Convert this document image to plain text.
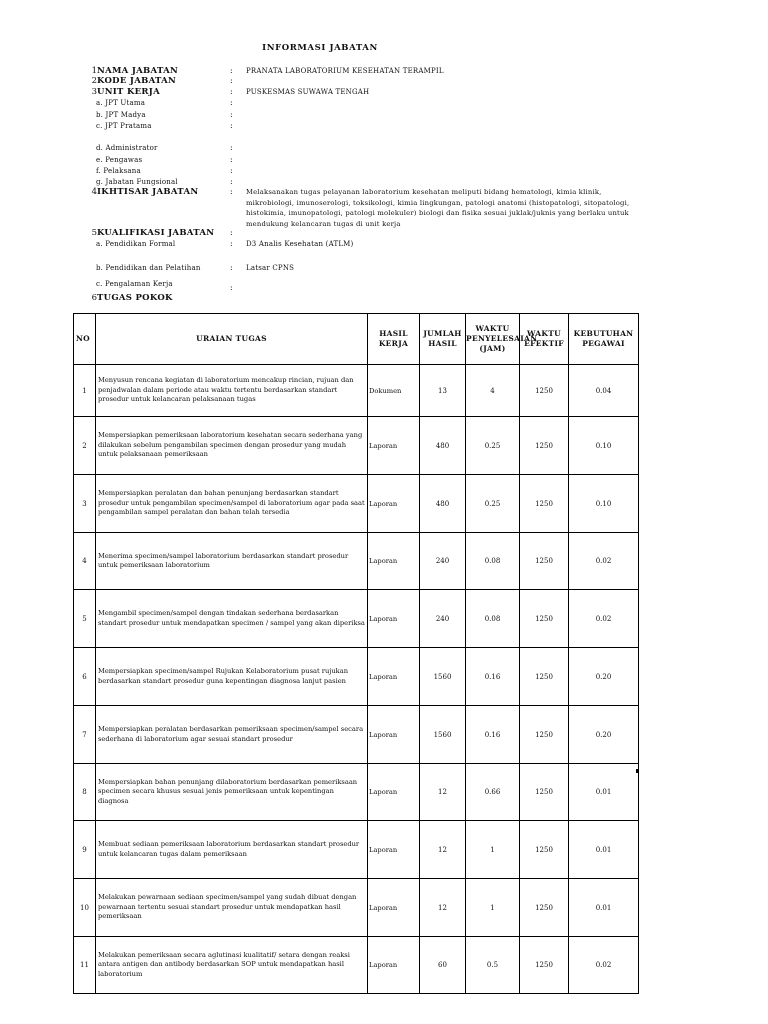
INFORMASI JABATAN
1 NAMA JABATAN	: PRANATA LABORATORIUM KESEHATAN TERAMPIL
2 KODE JABATAN	:
3 UNIT KERJA	: PUSKESMAS SUWAWA TENGAH
a. JPT Utama	:
b. JPT Madya	:
c. JPT Pratama	:
d. Administrator	:
e. Pengawas	:
f. Pelaksana	:
g. Jabatan Fungsional	:
4 IKHTISAR JABATAN	: Melaksanakan tugas pelayanan laboratorium kesehatan meliputi bidang hematologi, kimia klinik, mikrobiologi, imunoserologi, toksikologi, kimia lingkungan, patologi anatomi (histopatologi, sitopatologi, histokimia, imunopatologi, patologi molekuler) biologi dan fisika sesuai juklak/juknis yang berlaku untuk mendukung kelancaran tugas di unit kerja
5 KUALIFIKASI JABATAN :
a. Pendidikan Formal	: D3 Analis Kesehatan (ATLM)
b. Pendidikan dan Pelatihan	: Latsar CPNS
c. Pengalaman Kerja	:
6 TUGAS POKOK
NO	URAIAN TUGAS	HASIL KERJA	JUMLAH HASIL	WAKTU PENYELESAIAN (JAM)	WAKTU EFEKTIF	KEBUTUHAN PEGAWAI
1	Menyusun rencana kegiatan di laboratorium mencakup rincian, rujuan dan penjadwalan dalam periode atau waktu tertentu berdasarkan standart prosedur untuk kelancaran pelaksanaan tugas	Dokumen	13	4	1250	0.04
2	Mempersiapkan pemeriksaan laboratorium kesehatan secara sederhana yang dilakukan sebelum pengambilan specimen dengan prosedur yang mudah untuk pelaksanaan pemeriksaan	Laporan	480	0.25	1250	0.10
3	Mempersiapkan peralatan dan bahan penunjang berdasarkan standart prosedur untuk pengambilan specimen/sampel di laboratorium agar pada saat pengambilan sampel peralatan dan bahan telah tersedia	Laporan	480	0.25	1250	0.10
4	Menerima specimen/sampel laboratorium berdasarkan standart prosedur untuk pemeriksaan laboratorium	Laporan	240	0.08	1250	0.02
5	Mengambil specimen/sampel dengan tindakan sederhana berdasarkan standart prosedur untuk mendapatkan specimen / sampel yang akan diperiksa	Laporan	240	0.08	1250	0.02
6	Mempersiapkan specimen/sampel Rujukan Kelaboratorium pusat rujukan berdasarkan standart prosedur guna kepentingan diagnosa lanjut pasien	Laporan	1560	0.16	1250	0.20
7	Mempersiapkan peralatan berdasarkan pemeriksaan specimen/sampel secara sederhana di laboratorium agar sesuai standart prosedur	Laporan	1560	0.16	1250	0.20
8	Mempersiapkan bahan penunjang dilaboratorium berdasarkan pemeriksaan specimen secara khusus sesuai jenis pemeriksaan untuk kepentingan diagnosa	Laporan	12	0.66	1250	0.01
9	Membuat sediaan pemeriksaan laboratorium berdasarkan standart prosedur untuk kelancaran tugas dalam pemeriksaan	Laporan	12	1	1250	0.01
10	Melakukan pewarnaan sediaan specimen/sampel yang sudah dibuat dengan pewarnaan tertentu sesuai standart prosedur untuk mendapatkan hasil pemeriksaan	Laporan	12	1	1250	0.01
11	Melakukan pemeriksaan secara aglutinasi kualitatif/ setara dengan reaksi antara antigen dan antibody berdasarkan SOP untuk mendapatkan hasil laboratorium	Laporan	60	0.5	1250	0.02
